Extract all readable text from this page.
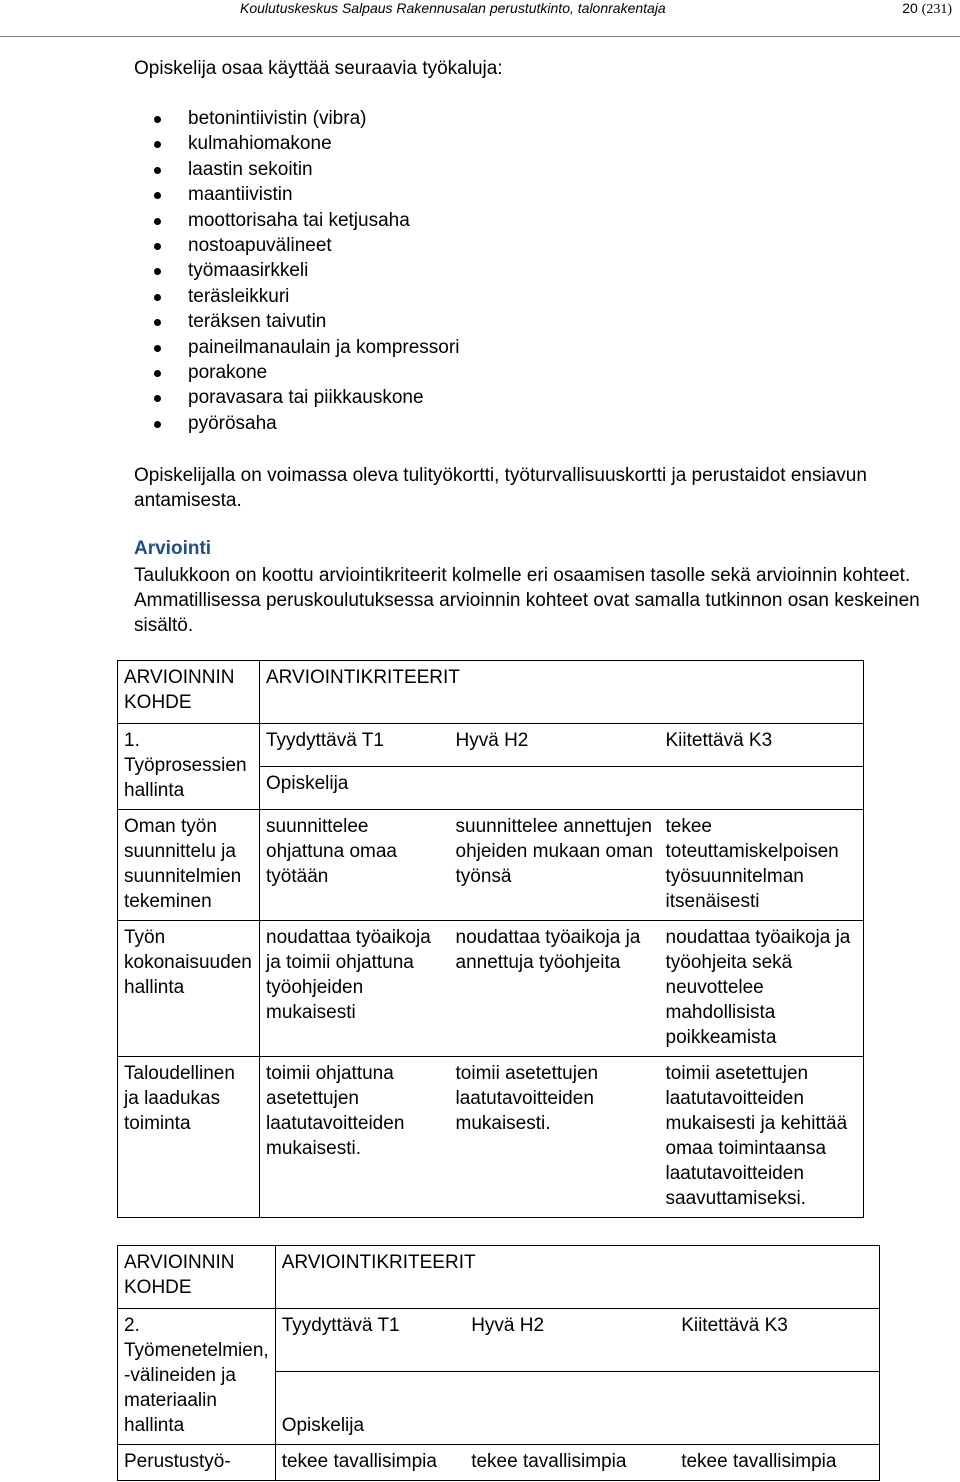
Koulutuskeskus Salpaus Rakennusalan perustutkinto, talonrakentaja	20 (231)
Opiskelija osaa käyttää seuraavia työkaluja:
betonintiivistin (vibra)
kulmahiomakone
laastin sekoitin
maantiivistin
moottorisaha tai ketjusaha
nostoapuvälineet
työmaasirkkeli
teräsleikkuri
teräksen taivutin
paineilmanaulain ja kompressori
porakone
poravasara tai piikkauskone
pyörösaha
Opiskelijalla on voimassa oleva tulityökortti, työturvallisuuskortti ja perustaidot ensiavun antamisesta.
Arviointi
Taulukkoon on koottu arviointikriteerit kolmelle eri osaamisen tasolle sekä arvioinnin kohteet. Ammatillisessa peruskoulutuksessa arvioinnin kohteet ovat samalla tutkinnon osan keskeinen sisältö.
ARVIOINNIN KOHDE	ARVIOINTIKRITEERIT		
1. Työprosessien hallinta	Tyydyttävä T1	Hyvä H2	Kiitettävä K3
	Opiskelija		
Oman työn suunnittelu ja suunnitelmien tekeminen	suunnittelee ohjattuna omaa työtään	suunnittelee annettujen ohjeiden mukaan oman työnsä	tekee toteuttamiskelpoisen työsuunnitelman itsenäisesti
Työn kokonaisuuden hallinta	noudattaa työaikoja ja toimii ohjattuna työohjeiden mukaisesti	noudattaa työaikoja ja annettuja työohjeita	noudattaa työaikoja ja työohjeita sekä neuvottelee mahdollisista poikkeamista
Taloudellinen ja laadukas toiminta	toimii ohjattuna asetettujen laatutavoitteiden mukaisesti.	toimii asetettujen laatutavoitteiden mukaisesti.	toimii asetettujen laatutavoitteiden mukaisesti ja kehittää omaa toimintaansa laatutavoitteiden saavuttamiseksi.
ARVIOINNIN KOHDE	ARVIOINTIKRITEERIT		
2. Työmenetelmien, -välineiden ja materiaalin hallinta	Tyydyttävä T1	Hyvä H2	Kiitettävä K3
	Opiskelija		
Perustustyö-	tekee tavallisimpia	tekee tavallisimpia	tekee tavallisimpia
